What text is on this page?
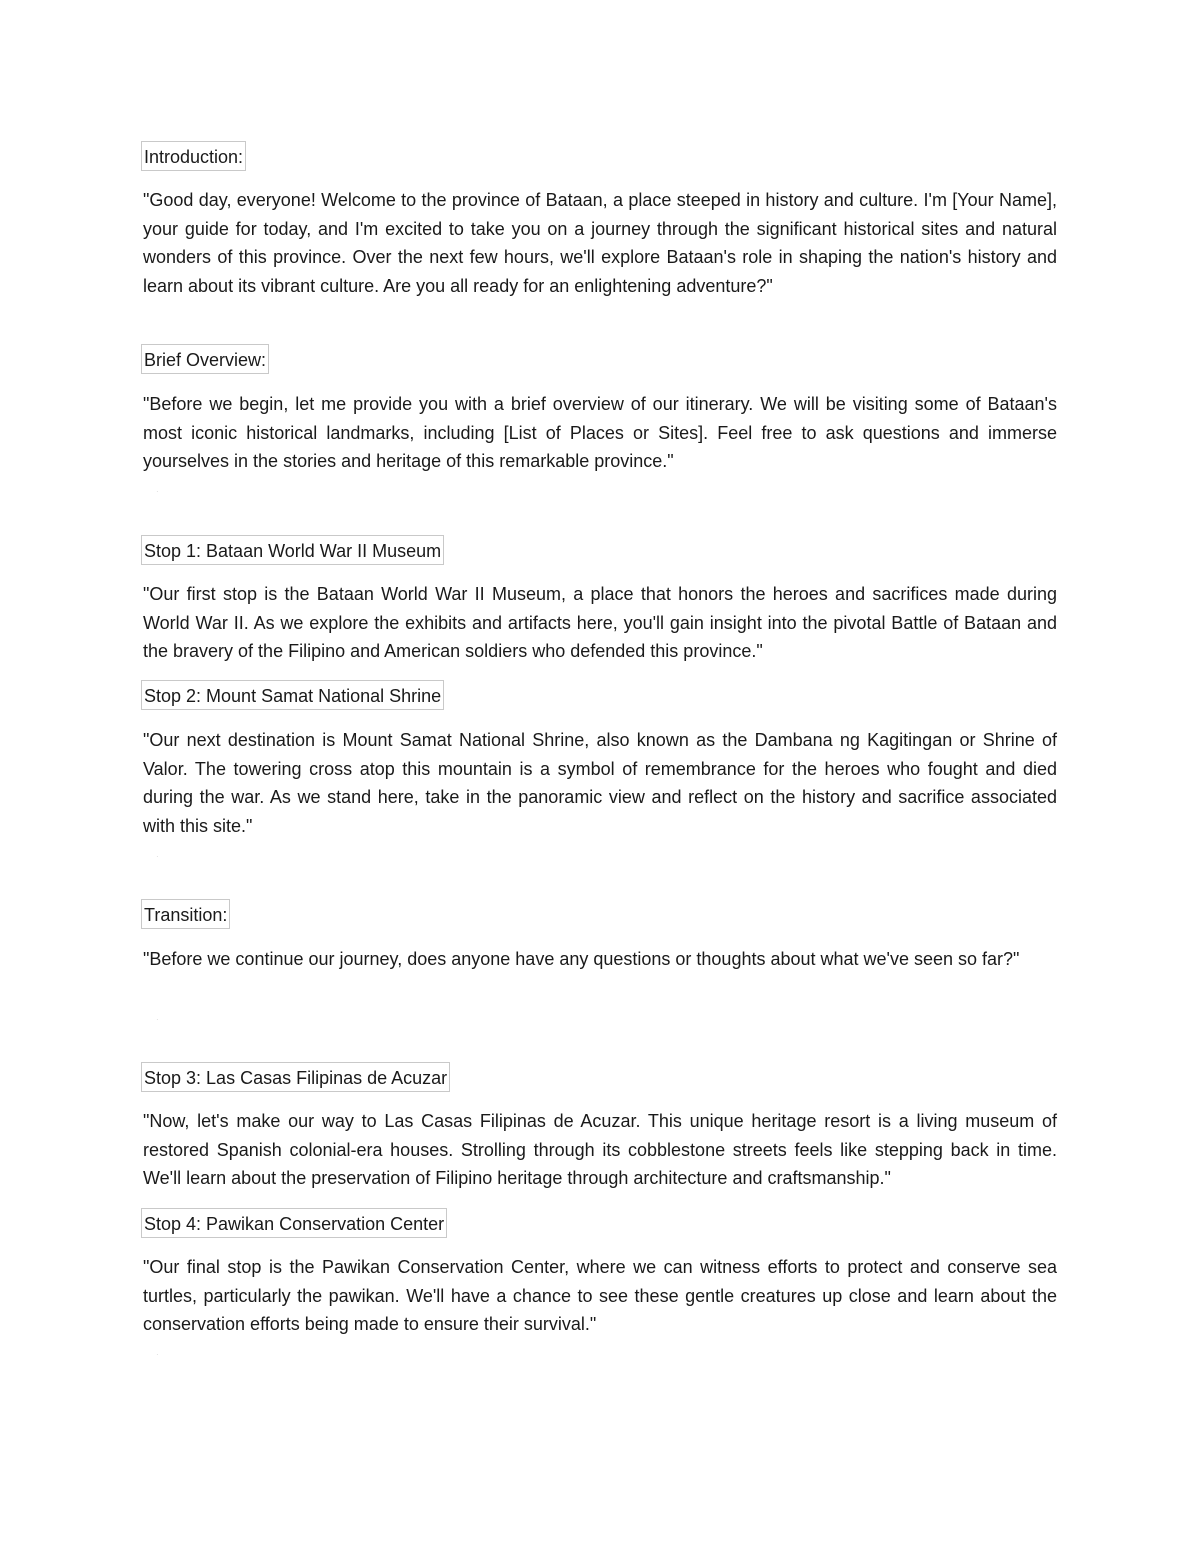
Introduction:

"Good day, everyone! Welcome to the province of Bataan, a place steeped in history and culture. I'm [Your Name], your guide for today, and I'm excited to take you on a journey through the significant historical sites and natural wonders of this province. Over the next few hours, we'll explore Bataan's role in shaping the nation's history and learn about its vibrant culture. Are you all ready for an enlightening adventure?"

Brief Overview:

"Before we begin, let me provide you with a brief overview of our itinerary. We will be visiting some of Bataan's most iconic historical landmarks, including [List of Places or Sites]. Feel free to ask questions and immerse yourselves in the stories and heritage of this remarkable province."

·
Stop 1: Bataan World War II Museum

"Our first stop is the Bataan World War II Museum, a place that honors the heroes and sacrifices made during World War II. As we explore the exhibits and artifacts here, you'll gain insight into the pivotal Battle of Bataan and the bravery of the Filipino and American soldiers who defended this province."

Stop 2: Mount Samat National Shrine

"Our next destination is Mount Samat National Shrine, also known as the Dambana ng Kagitingan or Shrine of Valor. The towering cross atop this mountain is a symbol of remembrance for the heroes who fought and died during the war. As we stand here, take in the panoramic view and reflect on the history and sacrifice associated with this site."

·
Transition:

"Before we continue our journey, does anyone have any questions or thoughts about what we've seen so far?"

·
Stop 3: Las Casas Filipinas de Acuzar

"Now, let's make our way to Las Casas Filipinas de Acuzar. This unique heritage resort is a living museum of restored Spanish colonial-era houses. Strolling through its cobblestone streets feels like stepping back in time. We'll learn about the preservation of Filipino heritage through architecture and craftsmanship."

Stop 4: Pawikan Conservation Center

"Our final stop is the Pawikan Conservation Center, where we can witness efforts to protect and conserve sea turtles, particularly the pawikan. We'll have a chance to see these gentle creatures up close and learn about the conservation efforts being made to ensure their survival."

·
